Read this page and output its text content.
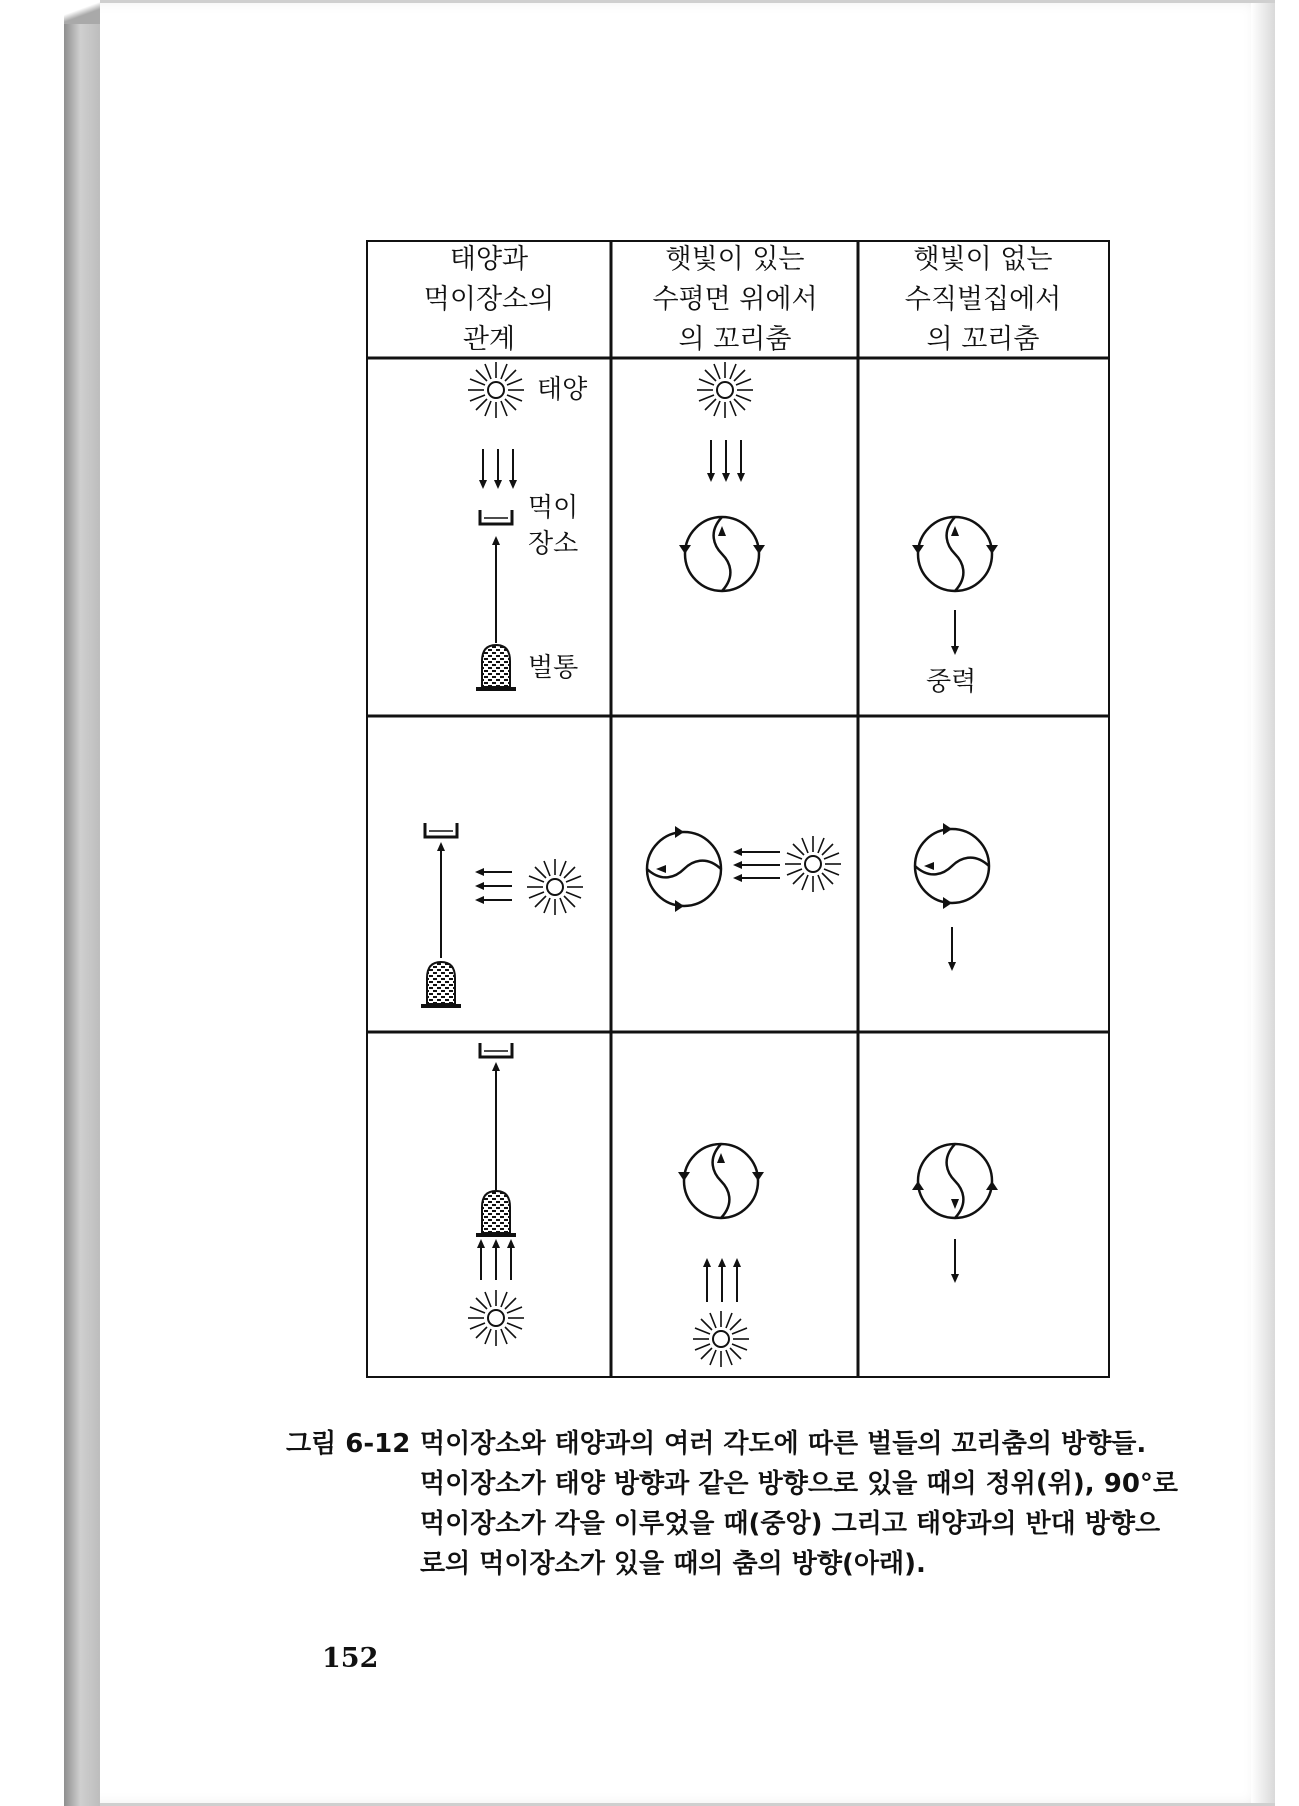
태양과
먹이장소의
관계
햇빛이 있는
수평면 위에서
의 꼬리춤
햇빛이 없는
수직벌집에서
의 꼬리춤
태양
먹이
장소
벌통	중력
그림 6-12 먹이장소와 태양과의 여러 각도에 따른 벌들의 꼬리춤의 방향들. 먹이장소가 태양 방향과 같은 방향으로 있을 때의 정위(위), 90°로 먹이장소가 각을 이루었을 때(중앙) 그리고 태양과의 반대 방향으로의 먹이장소가 있을 때의 춤의 방향(아래).
152
